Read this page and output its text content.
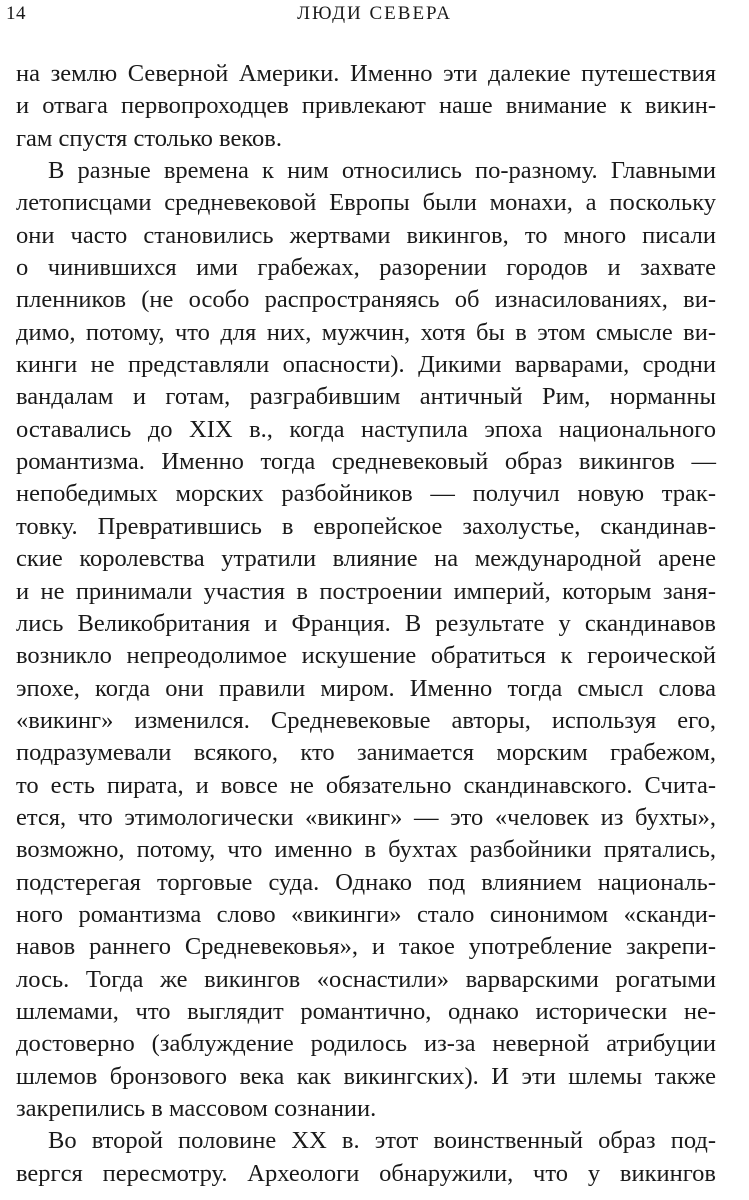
14	ЛЮДИ СЕВЕРА
на землю Северной Америки. Именно эти далекие путешествия
и отвага первопроходцев привлекают наше внимание к викин-
гам спустя столько веков.
В разные времена к ним относились по-разному. Главными
летописцами средневековой Европы были монахи, а поскольку
они часто становились жертвами викингов, то много писали
о чинившихся ими грабежах, разорении городов и захвате
пленников (не особо распространяясь об изнасилованиях, ви-
димо, потому, что для них, мужчин, хотя бы в этом смысле ви-
кинги не представляли опасности). Дикими варварами, сродни
вандалам и готам, разграбившим античный Рим, норманны
оставались до XIX в., когда наступила эпоха национального
романтизма. Именно тогда средневековый образ викингов —
непобедимых морских разбойников — получил новую трак-
товку. Превратившись в европейское захолустье, скандинав-
ские королевства утратили влияние на международной арене
и не принимали участия в построении империй, которым заня-
лись Великобритания и Франция. В результате у скандинавов
возникло непреодолимое искушение обратиться к героической
эпохе, когда они правили миром. Именно тогда смысл слова
«викинг» изменился. Средневековые авторы, используя его,
подразумевали всякого, кто занимается морским грабежом,
то есть пирата, и вовсе не обязательно скандинавского. Счита-
ется, что этимологически «викинг» — это «человек из бухты»,
возможно, потому, что именно в бухтах разбойники прятались,
подстерегая торговые суда. Однако под влиянием националь-
ного романтизма слово «викинги» стало синонимом «сканди-
навов раннего Средневековья», и такое употребление закрепи-
лось. Тогда же викингов «оснастили» варварскими рогатыми
шлемами, что выглядит романтично, однако исторически не-
достоверно (заблуждение родилось из-за неверной атрибуции
шлемов бронзового века как викингских). И эти шлемы также
закрепились в массовом сознании.
Во второй половине XX в. этот воинственный образ под-
вергся пересмотру. Археологи обнаружили, что у викингов
